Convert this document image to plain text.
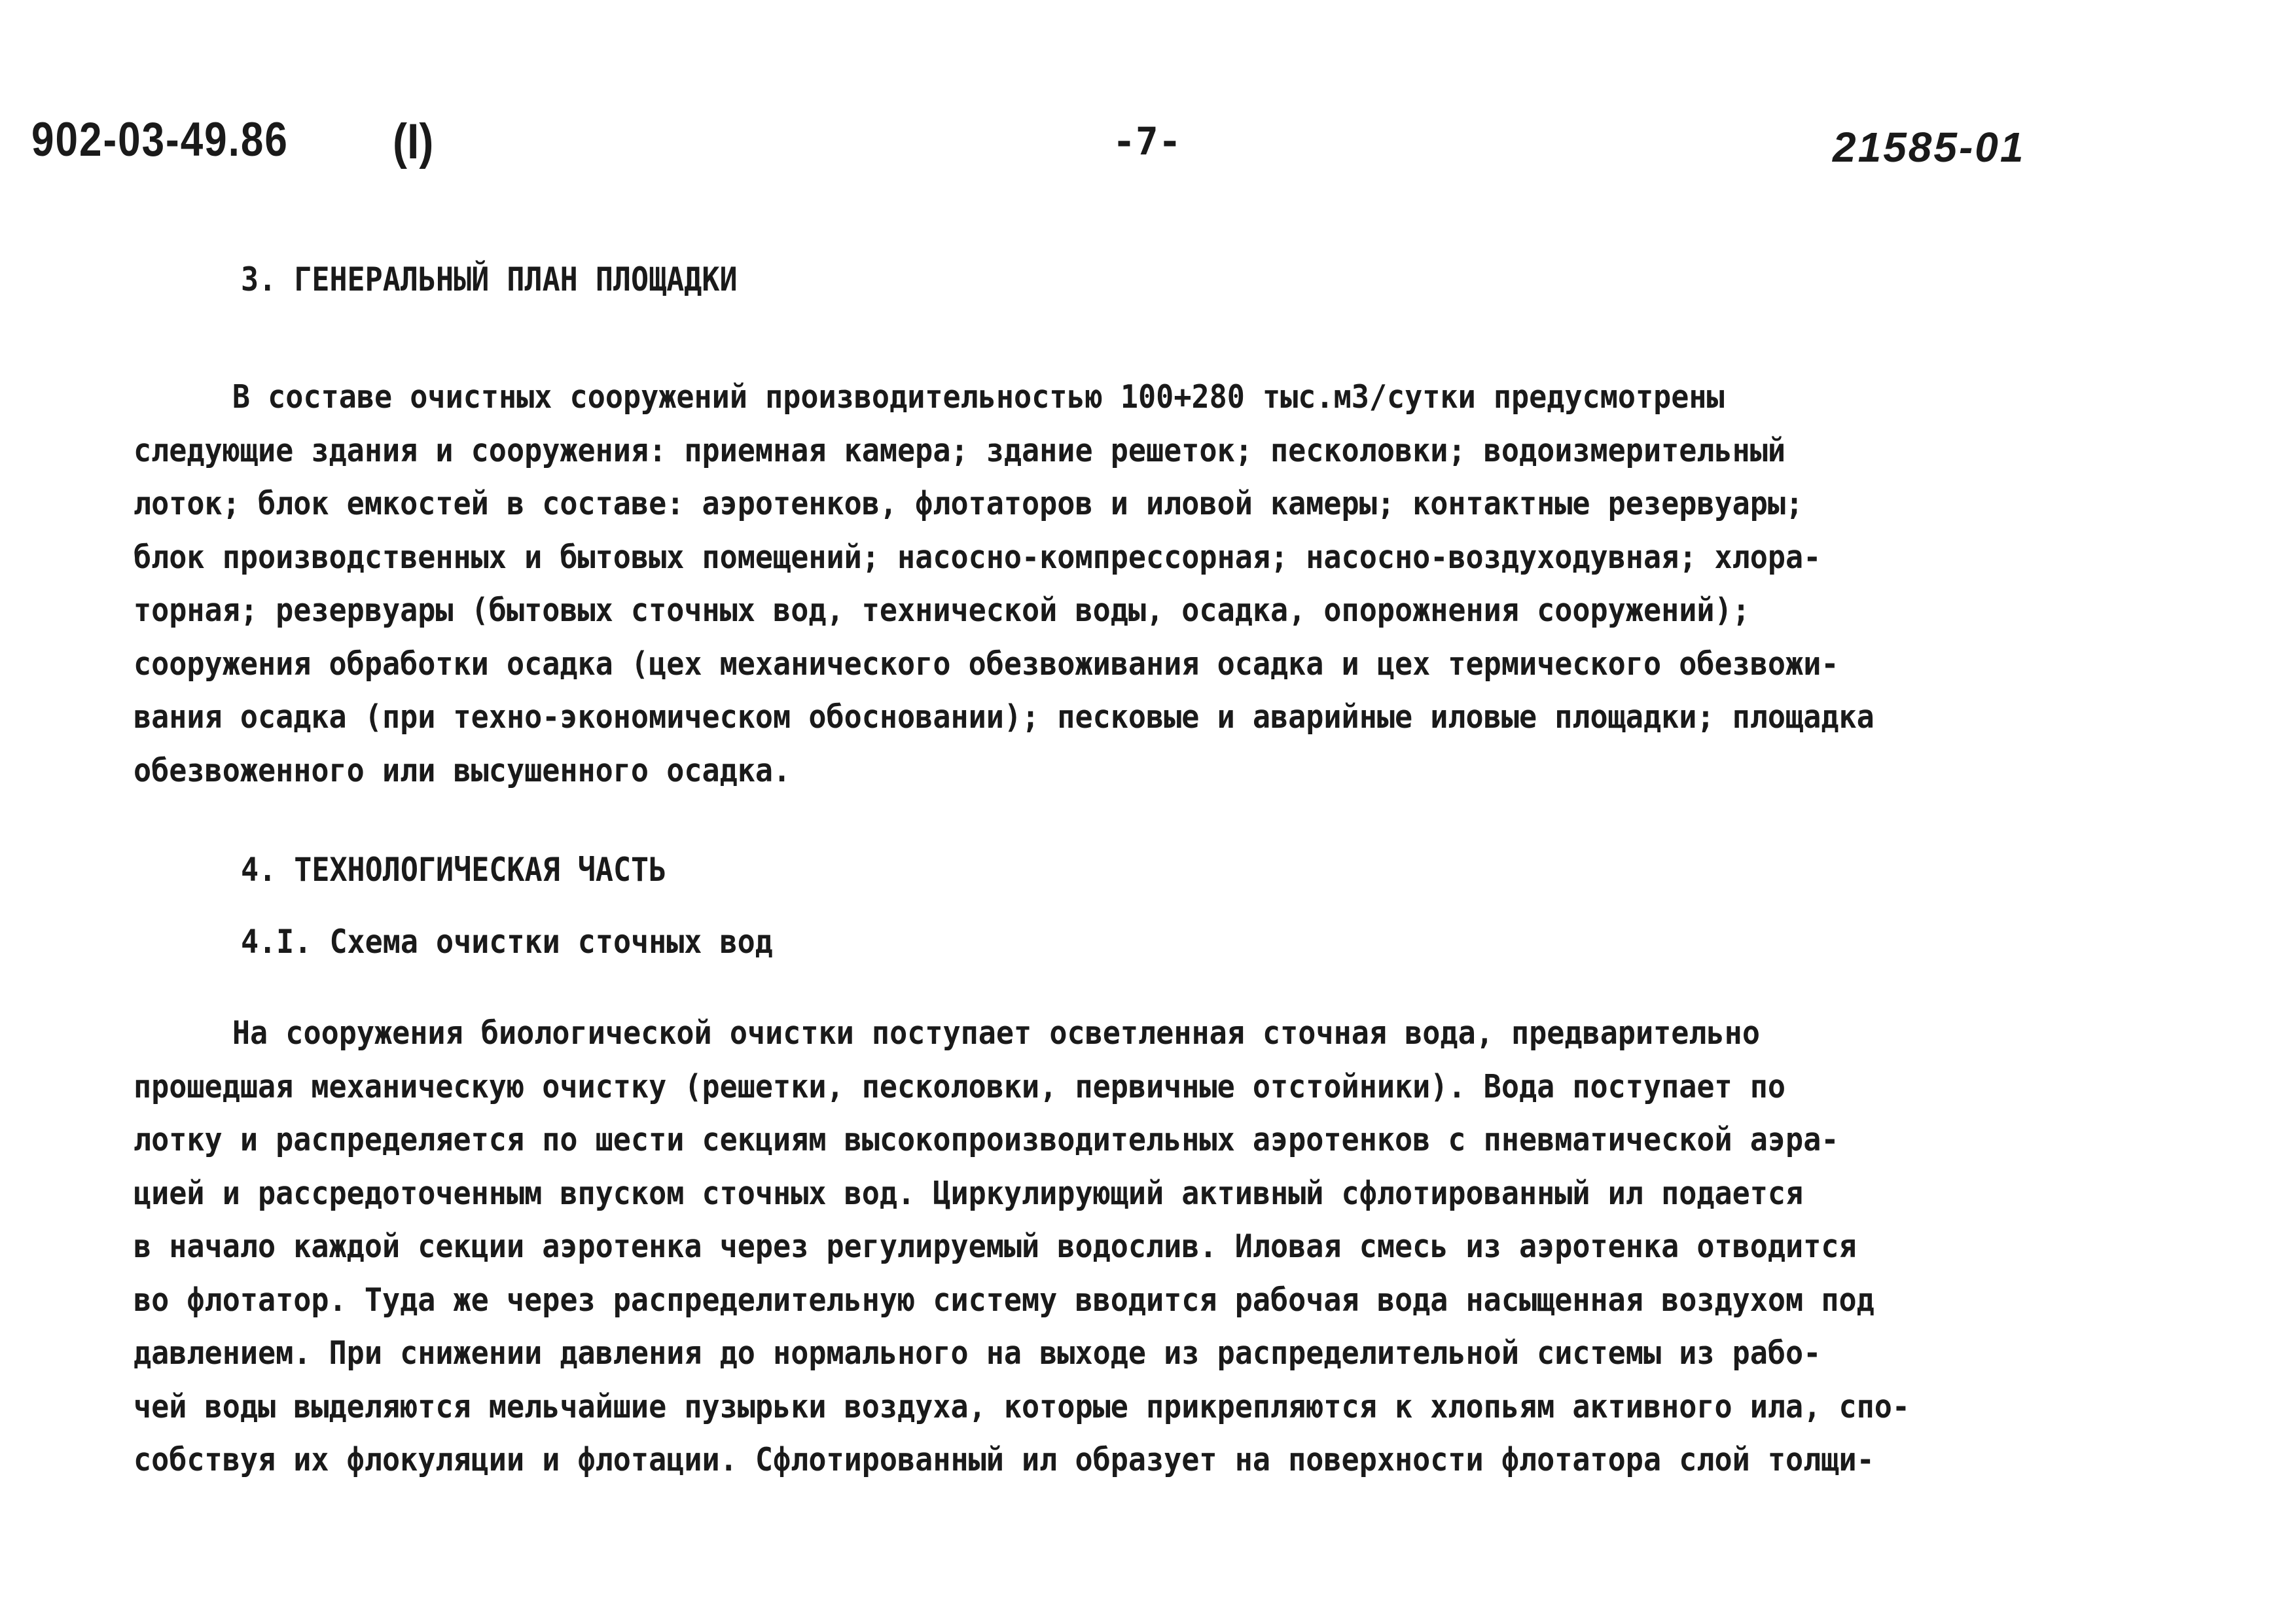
902-03-49.86 (I)	-7-	21585-01
3. ГЕНЕРАЛЬНЫЙ ПЛАН ПЛОЩАДКИ
В составе очистных сооружений производительностью 100+280 тыс.м3/сутки предусмотрены
следующие здания и сооружения: приемная камера; здание решеток; песколовки; водоизмерительный
лоток; блок емкостей в составе: аэротенков, флотаторов и иловой камеры; контактные резервуары;
блок производственных и бытовых помещений; насосно-компрессорная; насосно-воздуходувная; хлора-
торная; резервуары (бытовых сточных вод, технической воды, осадка, опорожнения сооружений);
сооружения обработки осадка (цех механического обезвоживания осадка и цех термического обезвожи-
вания осадка (при техно-экономическом обосновании); песковые и аварийные иловые площадки; площадка
обезвоженного или высушенного осадка.
4. ТЕХНОЛОГИЧЕСКАЯ ЧАСТЬ
4.I. Схема очистки сточных вод
На сооружения биологической очистки поступает осветленная сточная вода, предварительно
прошедшая механическую очистку (решетки, песколовки, первичные отстойники). Вода поступает по
лотку и распределяется по шести секциям высокопроизводительных аэротенков с пневматической аэра-
цией и рассредоточенным впуском сточных вод. Циркулирующий активный сфлотированный ил подается
в начало каждой секции аэротенка через регулируемый водослив. Иловая смесь из аэротенка отводится
во флотатор. Туда же через распределительную систему вводится рабочая вода насыщенная воздухом под
давлением. При снижении давления до нормального на выходе из распределительной системы из рабо-
чей воды выделяются мельчайшие пузырьки воздуха, которые прикрепляются к хлопьям активного ила, спо-
собствуя их флокуляции и флотации. Сфлотированный ил образует на поверхности флотатора слой толщи-
